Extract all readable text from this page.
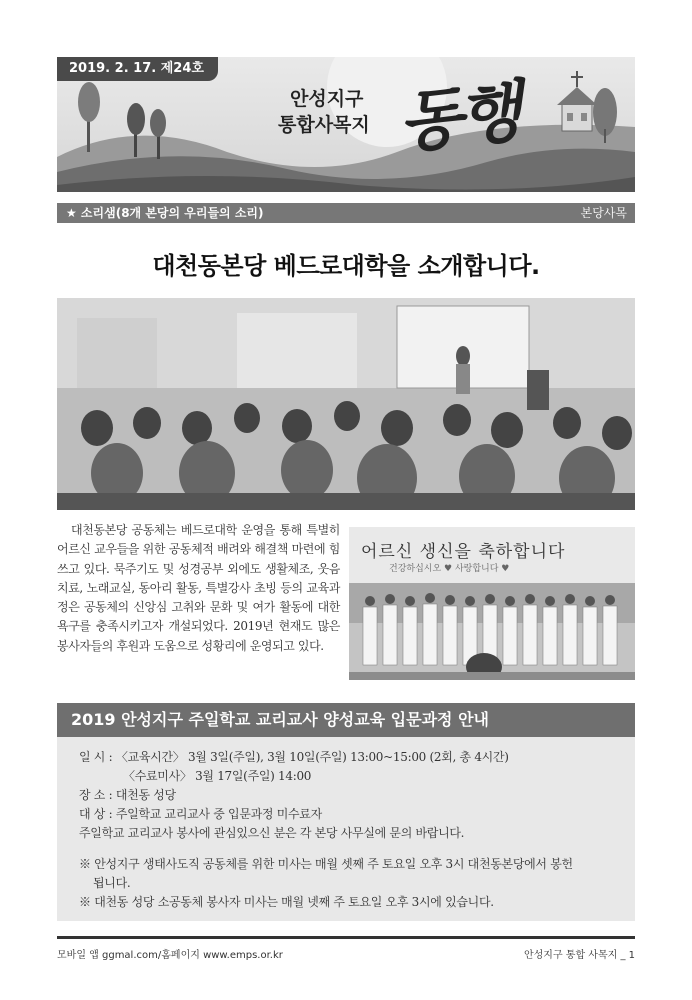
2019. 2. 17. 제24호
안성지구
통합사목지 동행
★ 소리샘(8개 본당의 우리들의 소리)	본당사목
대천동본당 베드로대학을 소개합니다.
대천동본당 공동체는 베드로대학 운영을 통해 특별히 어르신 교우들을 위한 공동체적 배려와 해결책 마련에 힘쓰고 있다. 묵주기도 및 성경공부 외에도 생활체조, 웃음치료, 노래교실, 동아리 활동, 특별강사 초빙 등의 교육과정은 공동체의 신앙심 고취와 문화 및 여가 활동에 대한 욕구를 충족시키고자 개설되었다. 2019년 현재도 많은 봉사자들의 후원과 도움으로 성황리에 운영되고 있다.
어르신 생신을 축하합니다
건강하십시오 ♥ 사랑합니다 ♥
2019 안성지구 주일학교 교리교사 양성교육 입문과정 안내
일 시 : 〈교육시간〉 3월 3일(주일), 3월 10일(주일) 13:00~15:00 (2회, 총 4시간)
〈수료미사〉 3월 17일(주일) 14:00
장 소 : 대천동 성당
대 상 : 주일학교 교리교사 중 입문과정 미수료자
주일학교 교리교사 봉사에 관심있으신 분은 각 본당 사무실에 문의 바랍니다.
※ 안성지구 생태사도직 공동체를 위한 미사는 매월 셋째 주 토요일 오후 3시 대천동본당에서 봉헌
됩니다.
※ 대천동 성당 소공동체 봉사자 미사는 매월 넷째 주 토요일 오후 3시에 있습니다.
모바일 앱 ggmal.com/홈페이지 www.emps.or.kr	안성지구 통합 사목지 _ 1
